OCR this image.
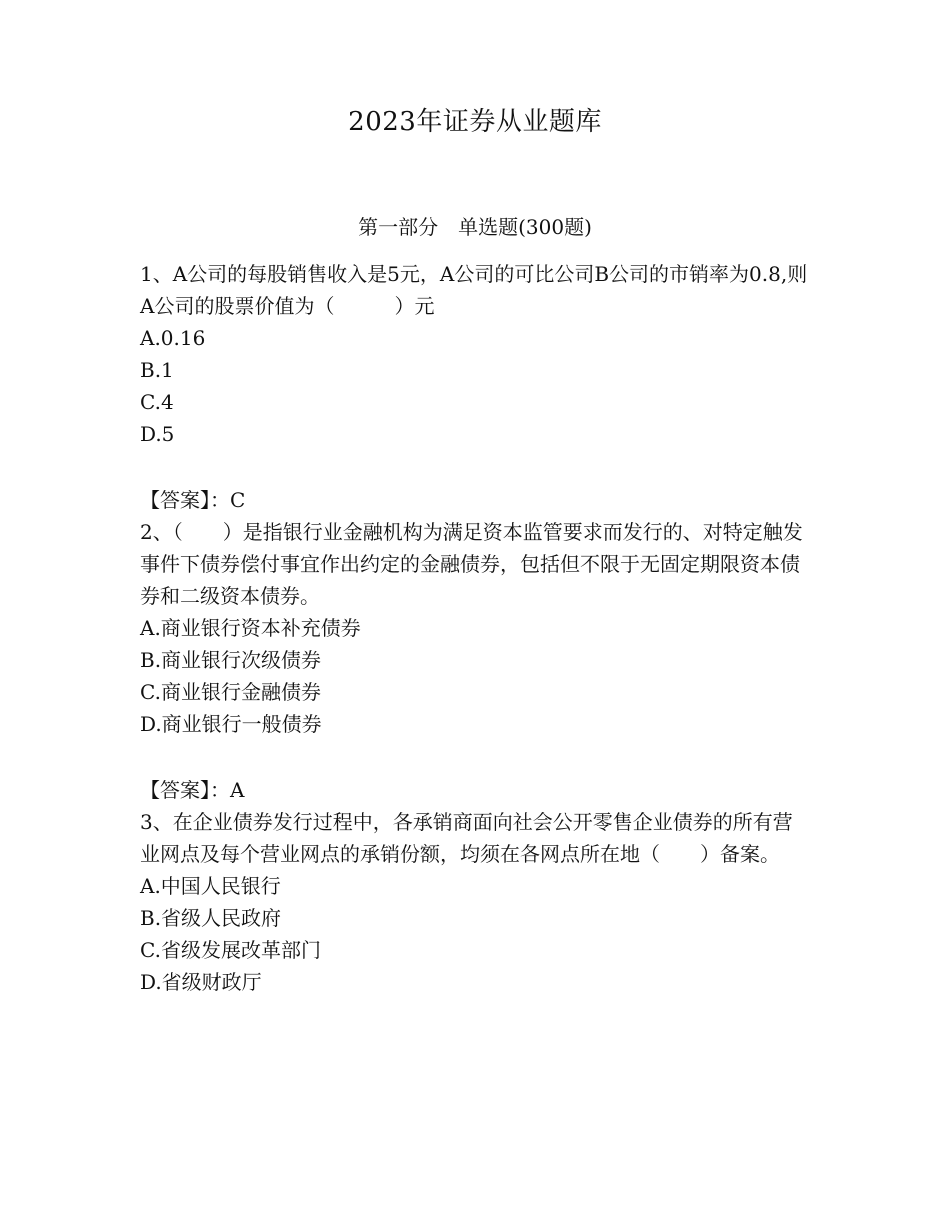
2023年证券从业题库
第一部分　单选题(300题)

1、A公司的每股销售收入是5元，A公司的可比公司B公司的市销率为0.8,则A公司的股票价值为（　　　）元

A.0.16

B.1

C.4

D.5

【答案】：C

2、（　　）是指银行业金融机构为满足资本监管要求而发行的、对特定触发事件下债券偿付事宜作出约定的金融债券，包括但不限于无固定期限资本债券和二级资本债券。

A.商业银行资本补充债券

B.商业银行次级债券

C.商业银行金融债券

D.商业银行一般债券

【答案】：A

3、在企业债券发行过程中，各承销商面向社会公开零售企业债券的所有营业网点及每个营业网点的承销份额，均须在各网点所在地（　　）备案。

A.中国人民银行

B.省级人民政府

C.省级发展改革部门

D.省级财政厅
